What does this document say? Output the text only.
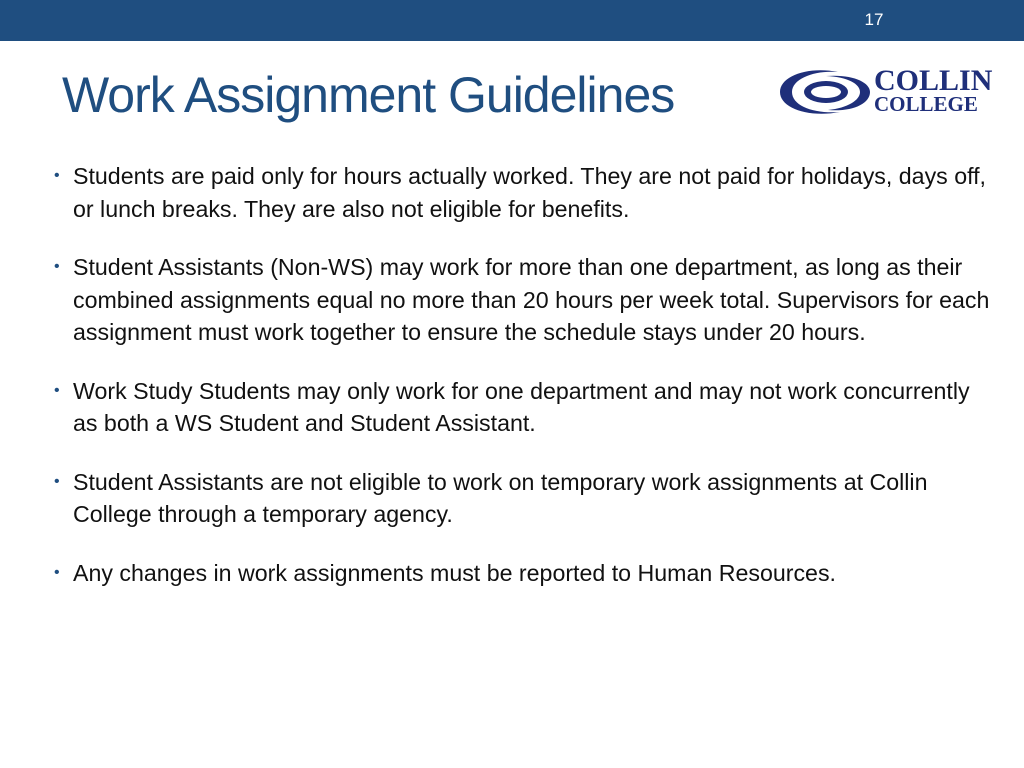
17
Work Assignment Guidelines	COLLIN
COLLEGE
• Students are paid only for hours actually worked. They are not paid for holidays, days off, or lunch breaks. They are also not eligible for benefits.
• Student Assistants (Non-WS) may work for more than one department, as long as their combined assignments equal no more than 20 hours per week total. Supervisors for each assignment must work together to ensure the schedule stays under 20 hours.
• Work Study Students may only work for one department and may not work concurrently as both a WS Student and Student Assistant.
• Student Assistants are not eligible to work on temporary work assignments at Collin College through a temporary agency.
• Any changes in work assignments must be reported to Human Resources.
